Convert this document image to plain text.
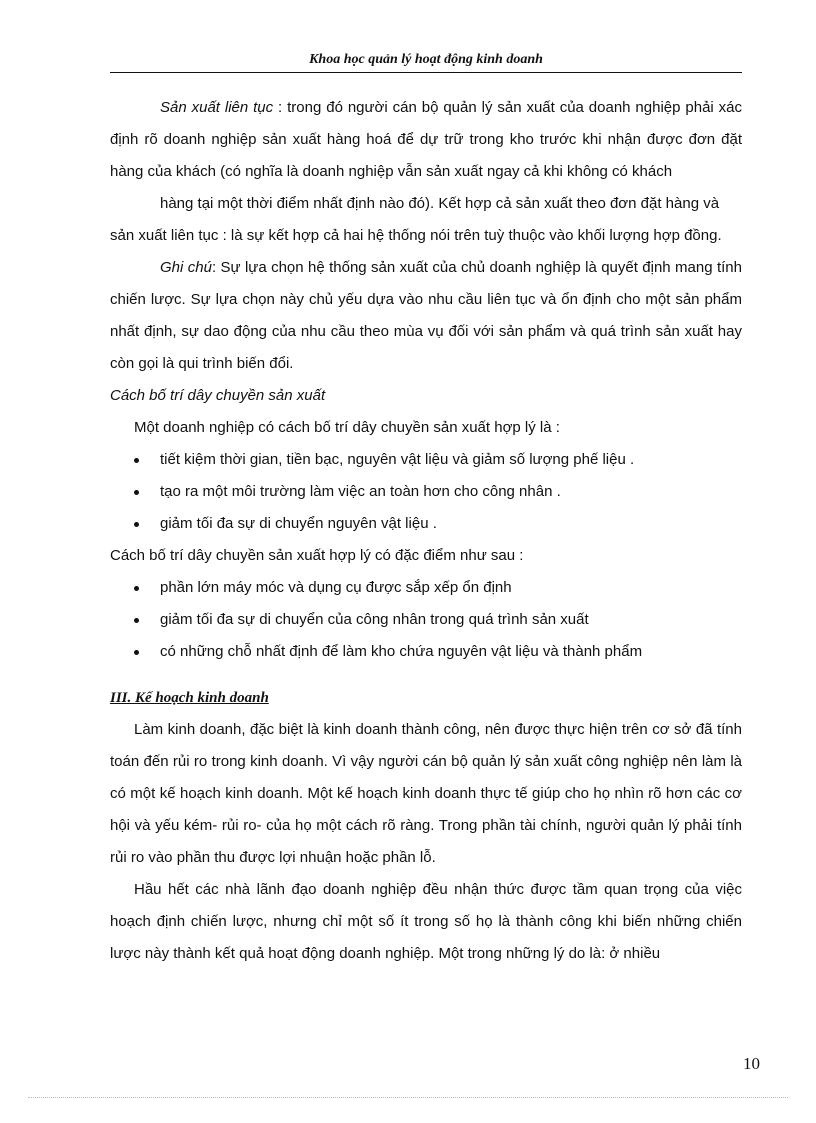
Khoa học quản lý hoạt động kinh doanh

Sản xuất liên tục : trong đó người cán bộ quản lý sản xuất của doanh nghiệp phải xác định rõ doanh nghiệp sản xuất hàng hoá để dự trữ trong kho trước khi nhận được đơn đặt hàng của khách (có nghĩa là doanh nghiệp vẫn sản xuất ngay cả khi không có khách

hàng tại một thời điểm nhất định nào đó). Kết hợp cả sản xuất theo đơn đặt hàng và

sản xuất liên tục : là sự kết hợp cả hai hệ thống nói trên tuỳ thuộc vào khối lượng hợp đồng.

Ghi chú: Sự lựa chọn hệ thống sản xuất của chủ doanh nghiệp là quyết định mang tính chiến lược. Sự lựa chọn này chủ yếu dựa vào nhu cầu liên tục và ổn định cho một sản phẩm nhất định, sự dao động của nhu cầu theo mùa vụ đối với sản phẩm và quá trình sản xuất hay còn gọi là qui trình biến đổi.

Cách bố trí dây chuyền sản xuất

Một doanh nghiệp có cách bố trí dây chuyền sản xuất hợp lý là :

tiết kiệm thời gian, tiền bạc, nguyên vật liệu và giảm số lượng phế liệu .
tạo ra một môi trường làm việc an toàn hơn cho công nhân .
giảm tối đa sự di chuyển nguyên vật liệu .

Cách bố trí dây chuyền sản xuất hợp lý có đặc điểm như sau :

phần lớn máy móc và dụng cụ được sắp xếp ổn định
giảm tối đa sự di chuyển của công nhân trong quá trình sản xuất
có những chỗ nhất định để làm kho chứa nguyên vật liệu và thành phẩm
III. Kế hoạch kinh doanh

Làm kinh doanh, đặc biệt là kinh doanh thành công, nên được thực hiện trên cơ sở đã tính toán đến rủi ro trong kinh doanh. Vì vậy người cán bộ quản lý sản xuất công nghiệp nên làm là có một kế hoạch kinh doanh. Một kế hoạch kinh doanh thực tế giúp cho họ nhìn rõ hơn các cơ hội và yếu kém- rủi ro- của họ một cách rõ ràng. Trong phần tài chính, người quản lý phải tính rủi ro vào phần thu được lợi nhuận hoặc phần lỗ.

Hầu hết các nhà lãnh đạo doanh nghiệp đều nhận thức được tầm quan trọng của việc hoạch định chiến lược, nhưng chỉ một số ít trong số họ là thành công khi biến những chiến lược này thành kết quả hoạt động doanh nghiệp. Một trong những lý do là: ở nhiều

10
